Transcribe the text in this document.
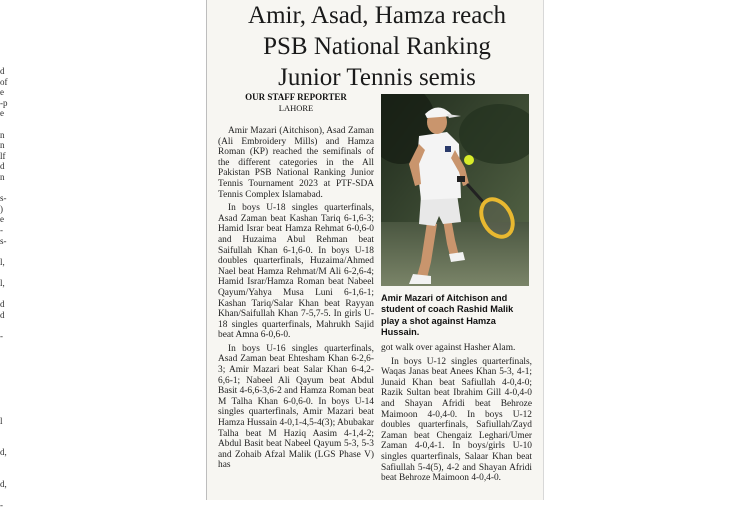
d
of
e
-p
e
n
n
lf
d
n
s-
)
e
-
s-
l,
l,
d
d
-
l
d,
d,
-
Amir, Asad, Hamza reach
PSB National Ranking
Junior Tennis semis
OUR STAFF REPORTER
LAHORE

Amir Mazari (Aitchison), Asad Zaman (Ali Embroidery Mills) and Hamza Roman (KP) reached the semifinals of the different categories in the All Pakistan PSB National Ranking Junior Tennis Tournament 2023 at PTF-SDA Tennis Complex Islamabad.

In boys U-18 singles quarterfinals, Asad Zaman beat Kashan Tariq 6-1,6-3; Hamid Israr beat Hamza Rehmat 6-0,6-0 and Huzaima Abul Rehman beat Saifullah Khan 6-1,6-0. In boys U-18 doubles quarterfinals, Huzaima/Ahmed Nael beat Hamza Rehmat/M Ali 6-2,6-4; Hamid Israr/Hamza Roman beat Nabeel Qayum/Yahya Musa Luni 6-1,6-1; Kashan Tariq/Salar Khan beat Rayyan Khan/Saifullah Khan 7-5,7-5. In girls U-18 singles quarterfinals, Mahrukh Sajid beat Amna 6-0,6-0.

In boys U-16 singles quarterfinals, Asad Zaman beat Ehtesham Khan 6-2,6-3; Amir Mazari beat Salar Khan 6-4,2-6,6-1; Nabeel Ali Qayum beat Abdul Basit 4-6,6-3,6-2 and Hamza Roman beat M Talha Khan 6-0,6-0. In boys U-14 singles quarterfinals, Amir Mazari beat Hamza Hussain 4-0,1-4,5-4(3); Abubakar Talha beat M Haziq Aasim 4-1,4-2; Abdul Basit beat Nabeel Qayum 5-3, 5-3 and Zohaib Afzal Malik (LGS Phase V) has

Amir Mazari of Aitchison and student of coach Rashid Malik play a shot against Hamza Hussain.

got walk over against Hasher Alam.

In boys U-12 singles quarterfinals, Waqas Janas beat Anees Khan 5-3, 4-1; Junaid Khan beat Safiullah 4-0,4-0; Razik Sultan beat Ibrahim Gill 4-0,4-0 and Shayan Afridi beat Behroze Maimoon 4-0,4-0. In boys U-12 doubles quarterfinals, Safiullah/Zayd Zaman beat Chengaiz Leghari/Umer Zaman 4-0,4-1. In boys/girls U-10 singles quarterfinals, Salaar Khan beat Safiullah 5-4(5), 4-2 and Shayan Afridi beat Behroze Maimoon 4-0,4-0.
